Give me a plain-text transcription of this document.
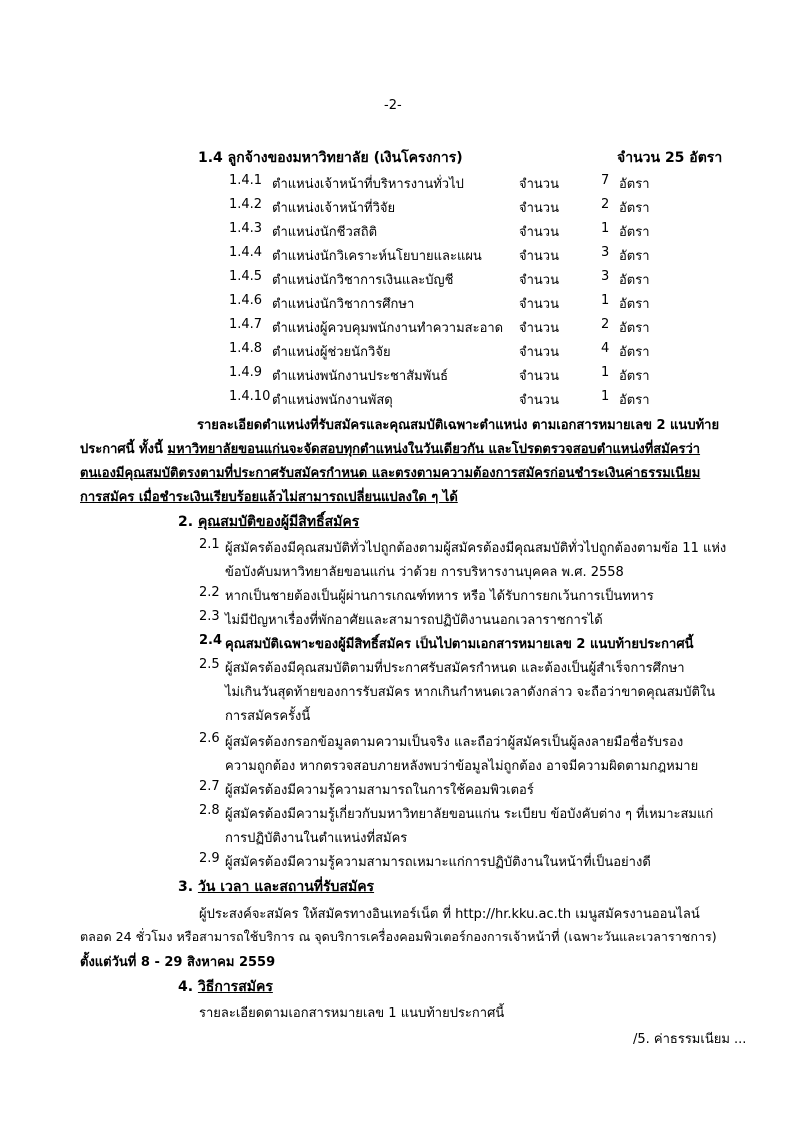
-2-
1.4 ลูกจ้างของมหาวิทยาลัย (เงินโครงการ)	จำนวน 25 อัตรา
1.4.1 ตำแหน่งเจ้าหน้าที่บริหารงานทั่วไป	จำนวน	7 อัตรา
1.4.2 ตำแหน่งเจ้าหน้าที่วิจัย	จำนวน	2 อัตรา
1.4.3 ตำแหน่งนักชีวสถิติ	จำนวน	1 อัตรา
1.4.4 ตำแหน่งนักวิเคราะห์นโยบายและแผน	จำนวน	3 อัตรา
1.4.5 ตำแหน่งนักวิชาการเงินและบัญชี	จำนวน	3 อัตรา
1.4.6 ตำแหน่งนักวิชาการศึกษา	จำนวน	1 อัตรา
1.4.7 ตำแหน่งผู้ควบคุมพนักงานทำความสะอาด จำนวน	2 อัตรา
1.4.8 ตำแหน่งผู้ช่วยนักวิจัย	จำนวน	4 อัตรา
1.4.9 ตำแหน่งพนักงานประชาสัมพันธ์	จำนวน	1 อัตรา
1.4.10 ตำแหน่งพนักงานพัสดุ	จำนวน	1 อัตรา
รายละเอียดตำแหน่งที่รับสมัครและคุณสมบัติเฉพาะตำแหน่ง ตามเอกสารหมายเลข 2 แนบท้าย
ประกาศนี้ ทั้งนี้ มหาวิทยาลัยขอนแก่นจะจัดสอบทุกตำแหน่งในวันเดียวกัน และโปรดตรวจสอบตำแหน่งที่สมัครว่า
ตนเองมีคุณสมบัติตรงตามที่ประกาศรับสมัครกำหนด และตรงตามความต้องการสมัครก่อนชำระเงินค่าธรรมเนียม
การสมัคร เมื่อชำระเงินเรียบร้อยแล้วไม่สามารถเปลี่ยนแปลงใด ๆ ได้
2. คุณสมบัติของผู้มีสิทธิ์สมัคร
2.1 ผู้สมัครต้องมีคุณสมบัติทั่วไปถูกต้องตามผู้สมัครต้องมีคุณสมบัติทั่วไปถูกต้องตามข้อ 11 แห่ง
ข้อบังคับมหาวิทยาลัยขอนแก่น ว่าด้วย การบริหารงานบุคคล พ.ศ. 2558
2.2 หากเป็นชายต้องเป็นผู้ผ่านการเกณฑ์ทหาร หรือ ได้รับการยกเว้นการเป็นทหาร
2.3 ไม่มีปัญหาเรื่องที่พักอาศัยและสามารถปฏิบัติงานนอกเวลาราชการได้
2.4 คุณสมบัติเฉพาะของผู้มีสิทธิ์สมัคร เป็นไปตามเอกสารหมายเลข 2 แนบท้ายประกาศนี้
2.5 ผู้สมัครต้องมีคุณสมบัติตามที่ประกาศรับสมัครกำหนด และต้องเป็นผู้สำเร็จการศึกษา
ไม่เกินวันสุดท้ายของการรับสมัคร หากเกินกำหนดเวลาดังกล่าว จะถือว่าขาดคุณสมบัติใน
การสมัครครั้งนี้
2.6 ผู้สมัครต้องกรอกข้อมูลตามความเป็นจริง และถือว่าผู้สมัครเป็นผู้ลงลายมือชื่อรับรอง
ความถูกต้อง หากตรวจสอบภายหลังพบว่าข้อมูลไม่ถูกต้อง อาจมีความผิดตามกฎหมาย
2.7 ผู้สมัครต้องมีความรู้ความสามารถในการใช้คอมพิวเตอร์
2.8 ผู้สมัครต้องมีความรู้เกี่ยวกับมหาวิทยาลัยขอนแก่น ระเบียบ ข้อบังคับต่าง ๆ ที่เหมาะสมแก่
การปฏิบัติงานในตำแหน่งที่สมัคร
2.9 ผู้สมัครต้องมีความรู้ความสามารถเหมาะแก่การปฏิบัติงานในหน้าที่เป็นอย่างดี
3. วัน เวลา และสถานที่รับสมัคร
ผู้ประสงค์จะสมัคร ให้สมัครทางอินเทอร์เน็ต ที่ http://hr.kku.ac.th เมนูสมัครงานออนไลน์
ตลอด 24 ชั่วโมง หรือสามารถใช้บริการ ณ จุดบริการเครื่องคอมพิวเตอร์กองการเจ้าหน้าที่ (เฉพาะวันและเวลาราชการ)
ตั้งแต่วันที่ 8 - 29 สิงหาคม 2559
4. วิธีการสมัคร
รายละเอียดตามเอกสารหมายเลข 1 แนบท้ายประกาศนี้
/5. ค่าธรรมเนียม ...
